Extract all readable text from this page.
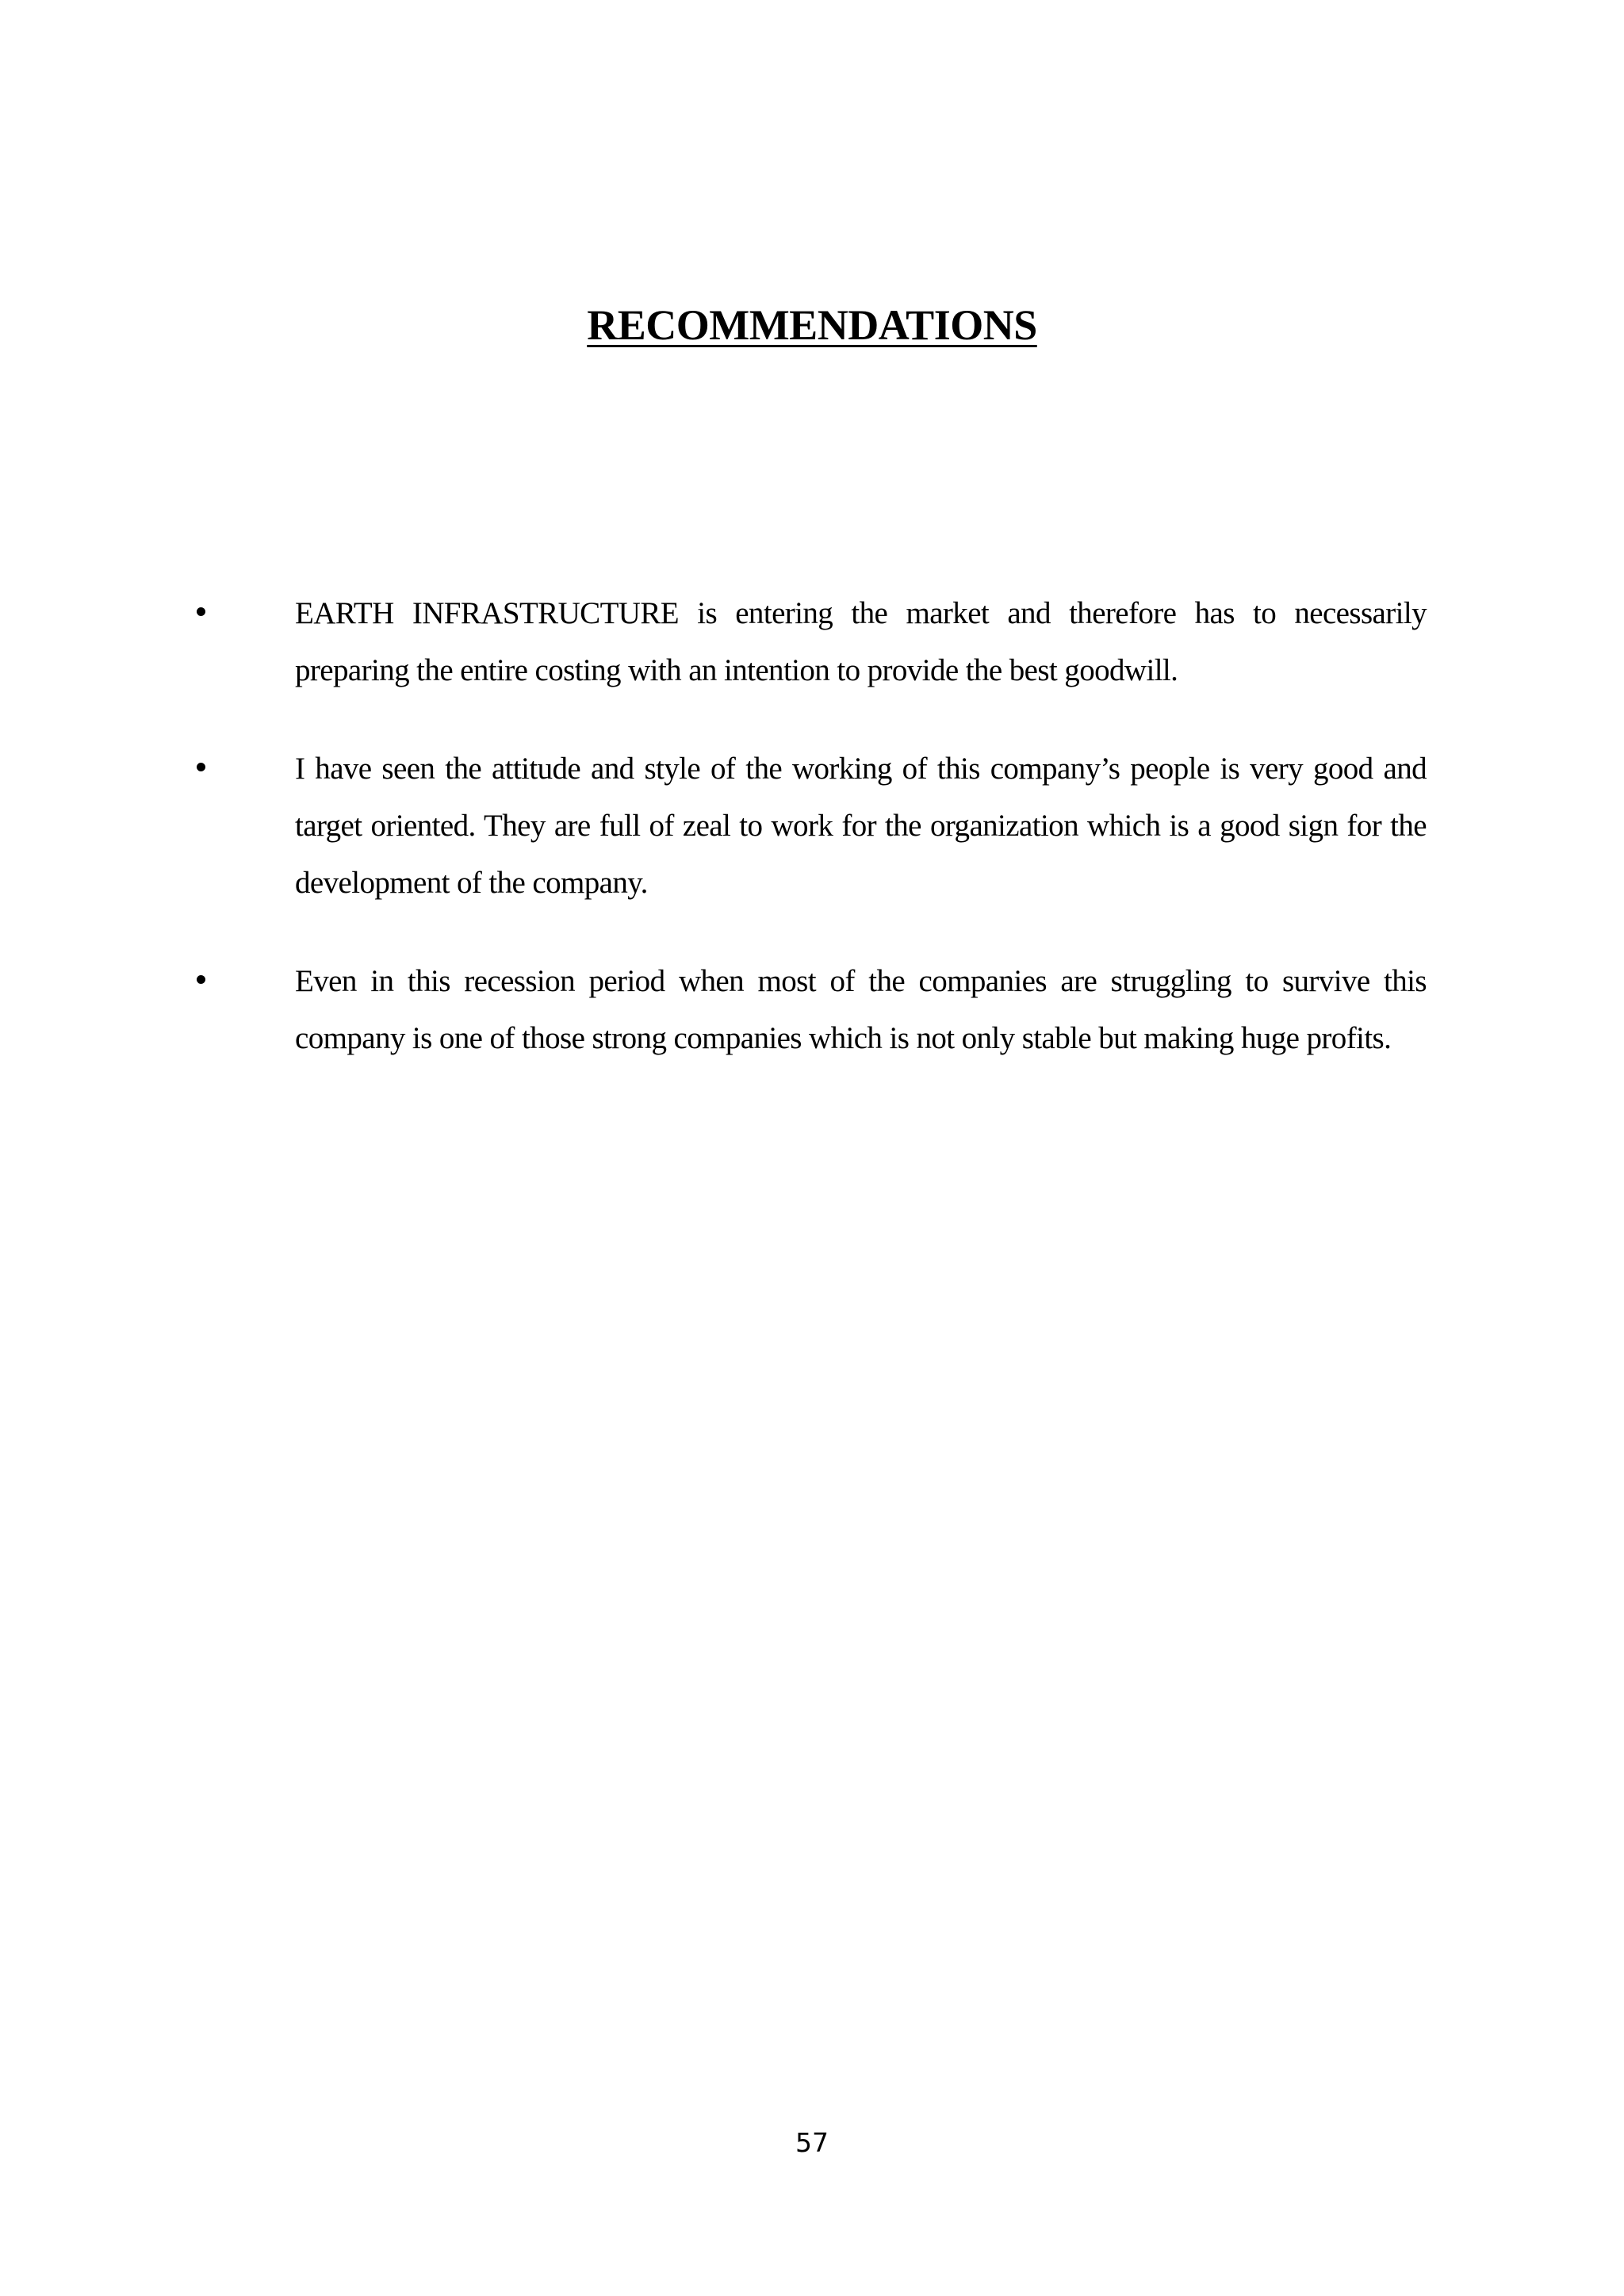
RECOMMENDATIONS

EARTH INFRASTRUCTURE is entering the market and therefore has to necessarily preparing the entire costing with an intention to provide the best goodwill.

I have seen the attitude and style of the working of this company’s people is very good and target oriented. They are full of zeal to work for the organization which is a good sign for the development of the company.

Even in this recession period when most of the companies are struggling to survive this company is one of those strong companies which is not only stable but making huge profits.

57
